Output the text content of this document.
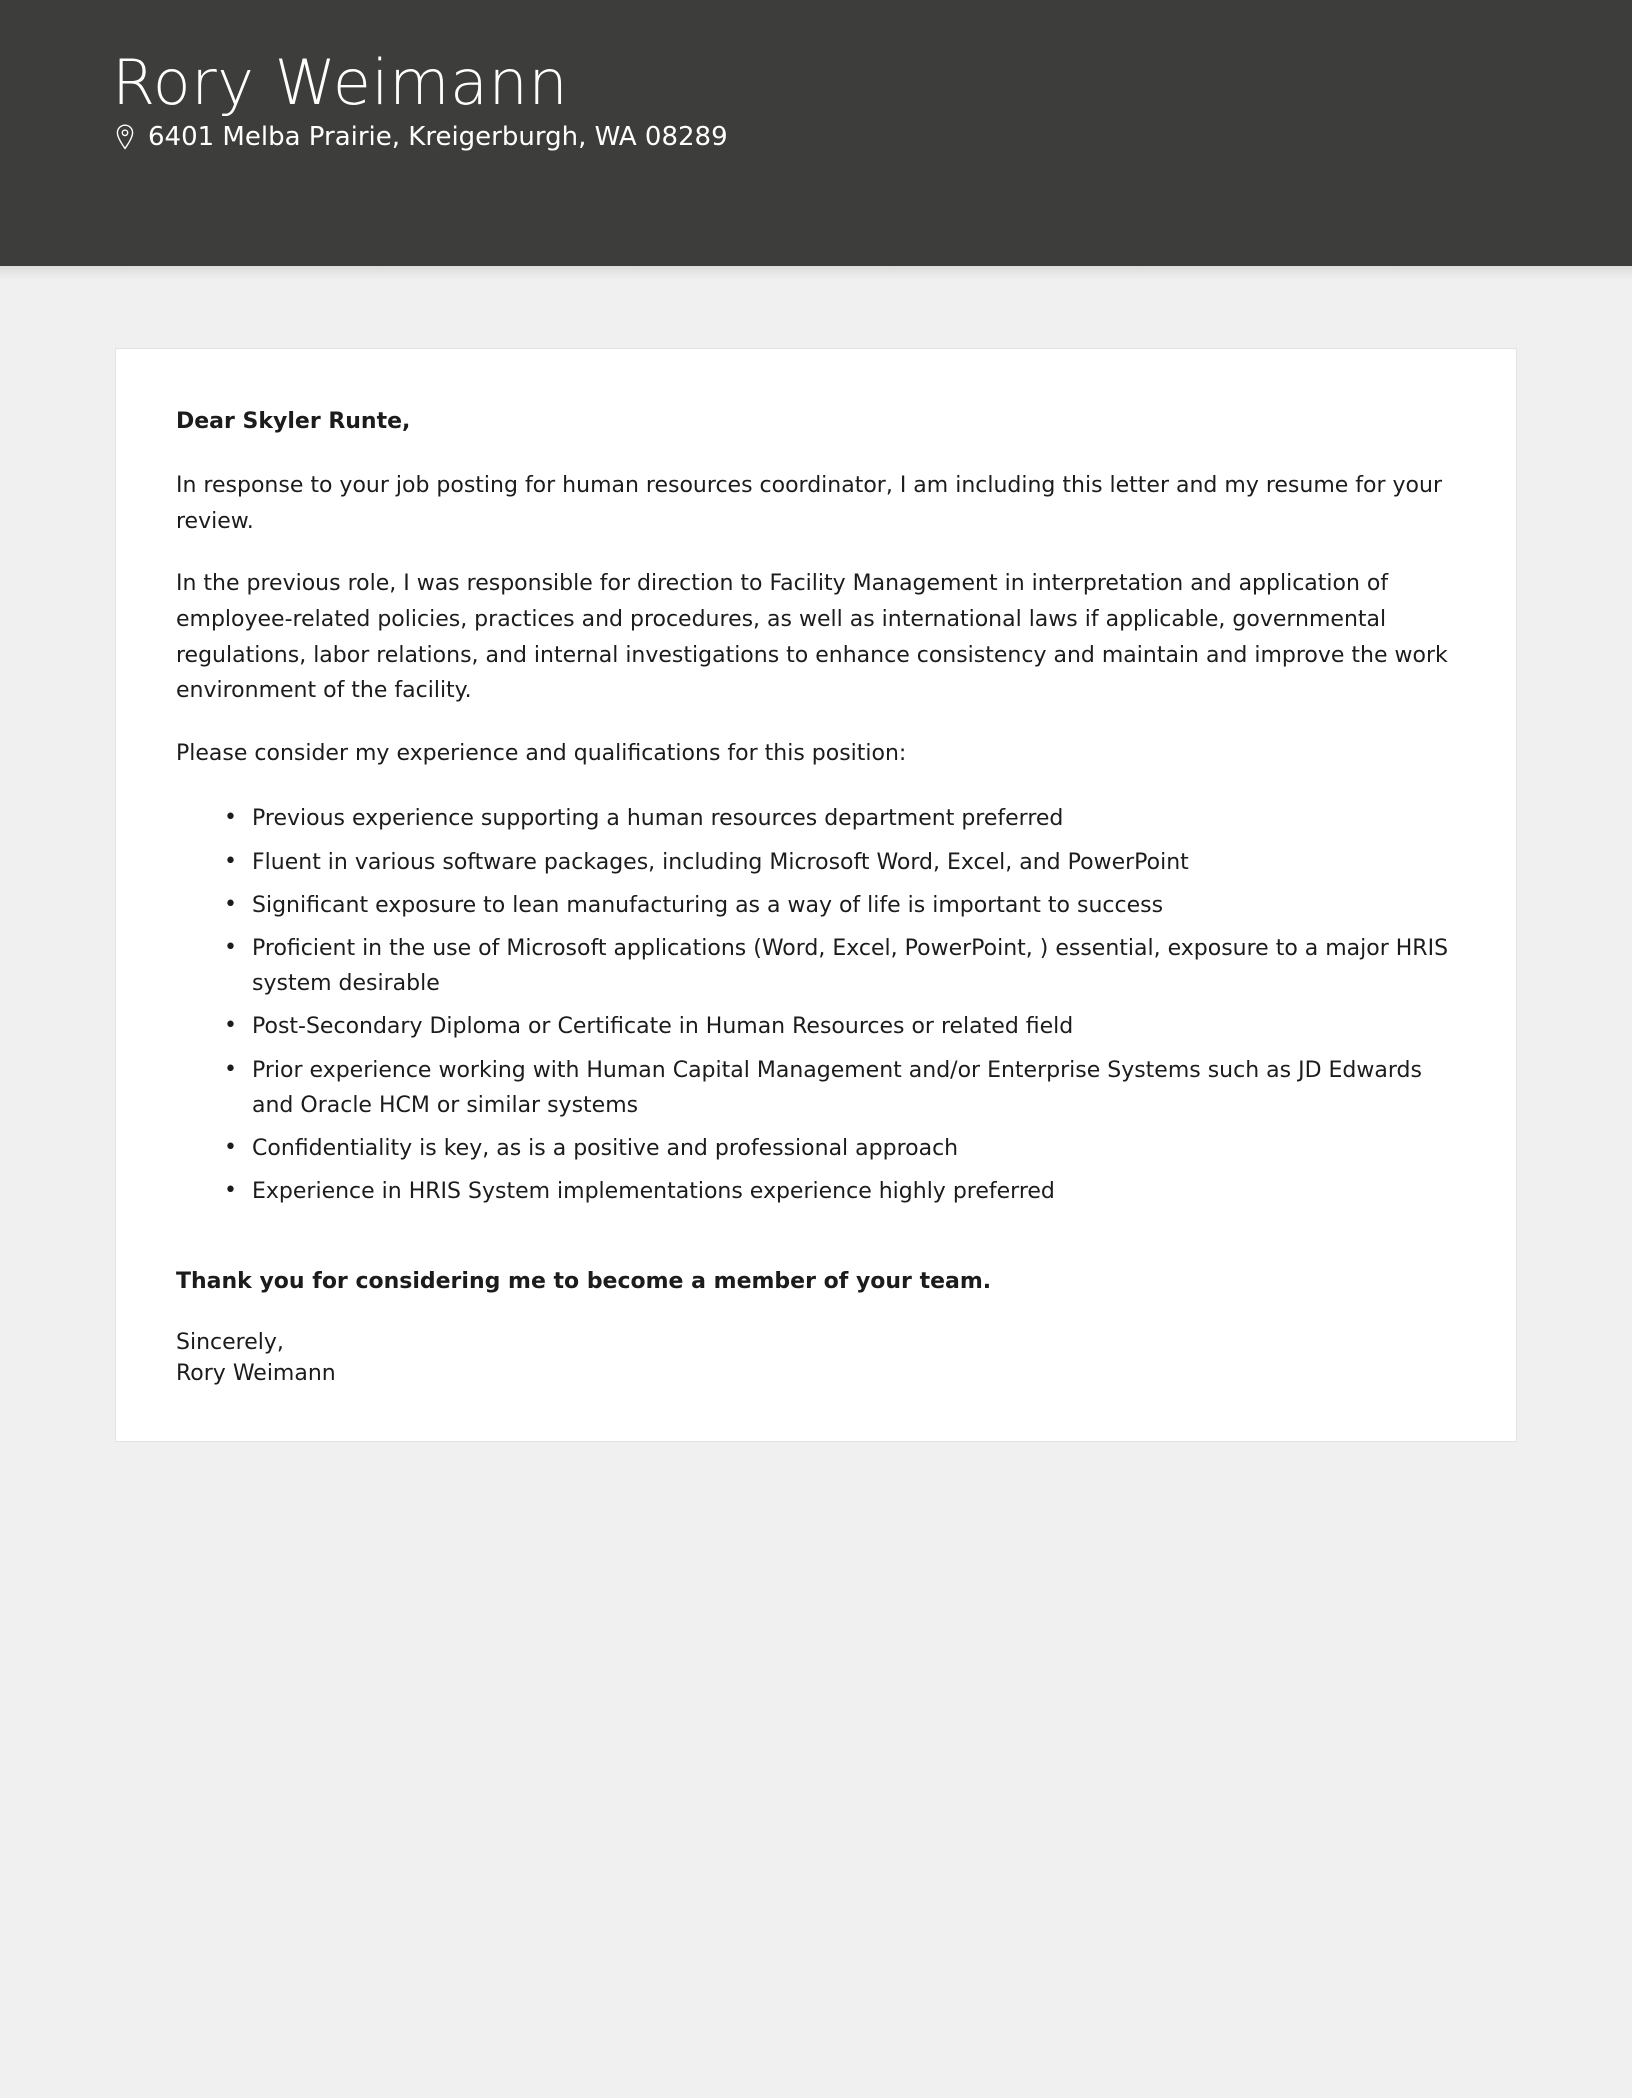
Rory Weimann
6401 Melba Prairie, Kreigerburgh, WA 08289

Dear Skyler Runte,

In response to your job posting for human resources coordinator, I am including this letter and my resume for your review.

In the previous role, I was responsible for direction to Facility Management in interpretation and application of employee-related policies, practices and procedures, as well as international laws if applicable, governmental regulations, labor relations, and internal investigations to enhance consistency and maintain and improve the work environment of the facility.

Please consider my experience and qualifications for this position:

• Previous experience supporting a human resources department preferred
• Fluent in various software packages, including Microsoft Word, Excel, and PowerPoint
• Significant exposure to lean manufacturing as a way of life is important to success
• Proficient in the use of Microsoft applications (Word, Excel, PowerPoint, ) essential, exposure to a major HRIS system desirable
• Post-Secondary Diploma or Certificate in Human Resources or related field
• Prior experience working with Human Capital Management and/or Enterprise Systems such as JD Edwards and Oracle HCM or similar systems
• Confidentiality is key, as is a positive and professional approach
• Experience in HRIS System implementations experience highly preferred

Thank you for considering me to become a member of your team.

Sincerely,
Rory Weimann
